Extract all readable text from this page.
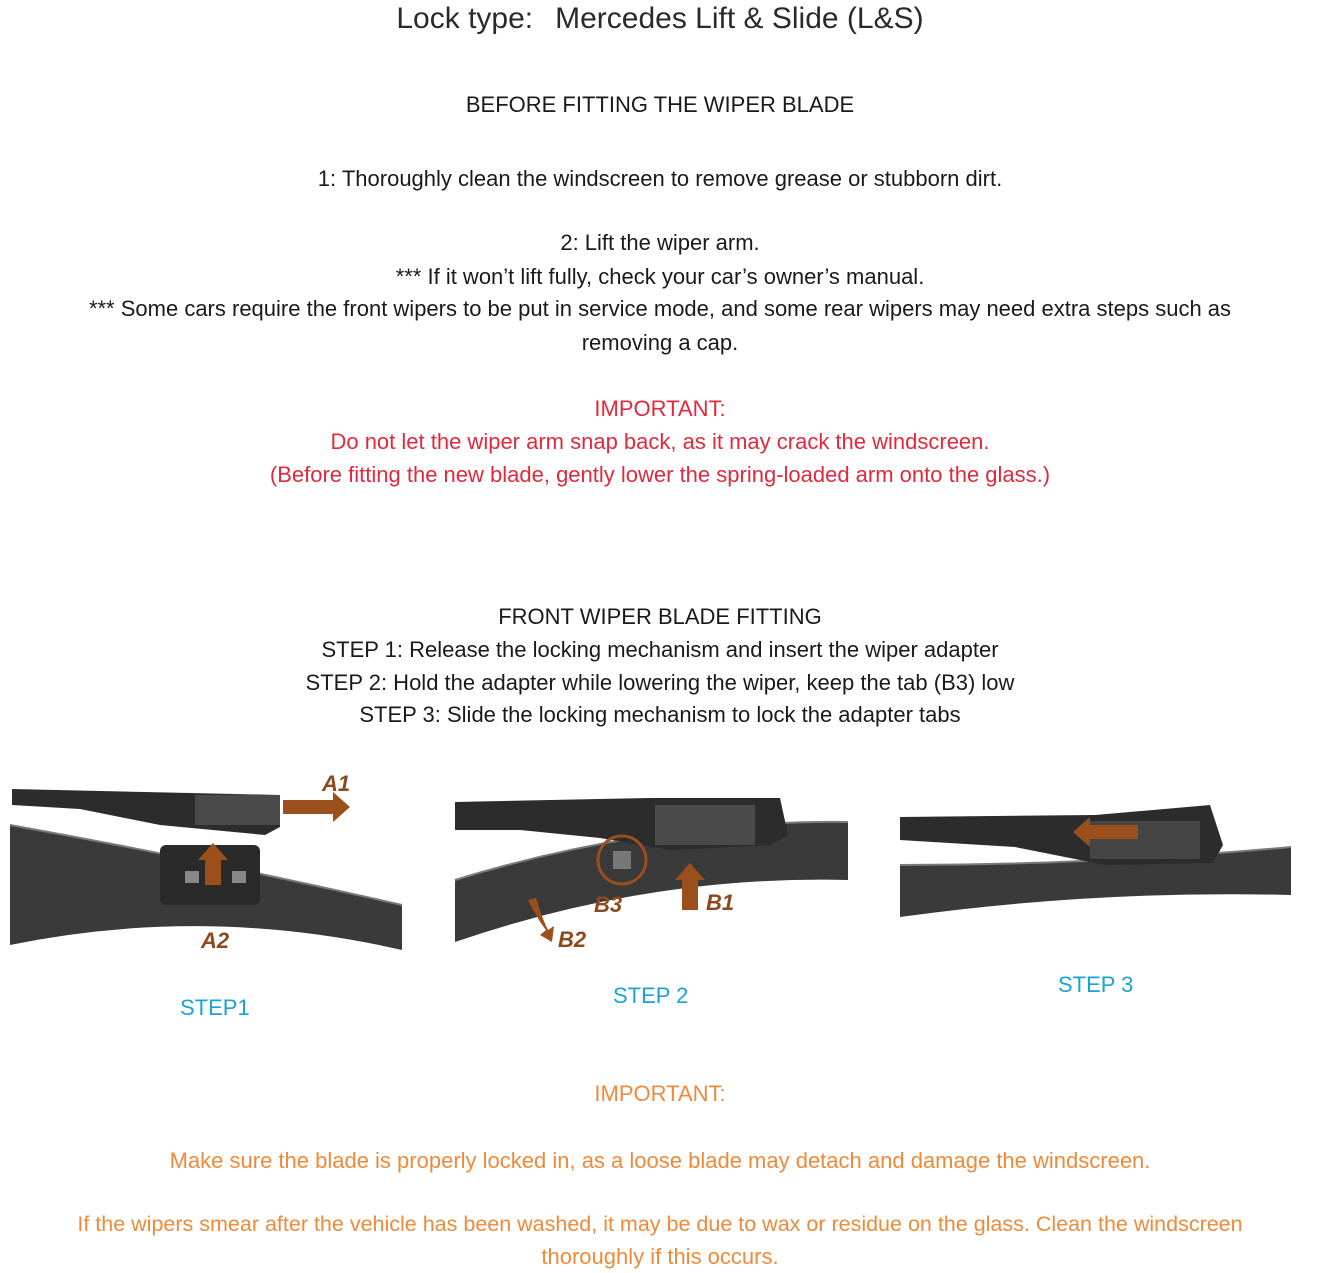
Lock type: Mercedes Lift & Slide (L&S)
BEFORE FITTING THE WIPER BLADE
1: Thoroughly clean the windscreen to remove grease or stubborn dirt.
2: Lift the wiper arm.
*** If it won’t lift fully, check your car’s owner’s manual.
*** Some cars require the front wipers to be put in service mode, and some rear wipers may need extra steps such as
removing a cap.
IMPORTANT:
Do not let the wiper arm snap back, as it may crack the windscreen.
(Before fitting the new blade, gently lower the spring-loaded arm onto the glass.)
FRONT WIPER BLADE FITTING
STEP 1: Release the locking mechanism and insert the wiper adapter
STEP 2: Hold the adapter while lowering the wiper, keep the tab (B3) low
STEP 3: Slide the locking mechanism to lock the adapter tabs
A1
A2
STEP1
B1
B2
B3
STEP 2	STEP 3
IMPORTANT:
Make sure the blade is properly locked in, as a loose blade may detach and damage the windscreen.
If the wipers smear after the vehicle has been washed, it may be due to wax or residue on the glass. Clean the windscreen
thoroughly if this occurs.
